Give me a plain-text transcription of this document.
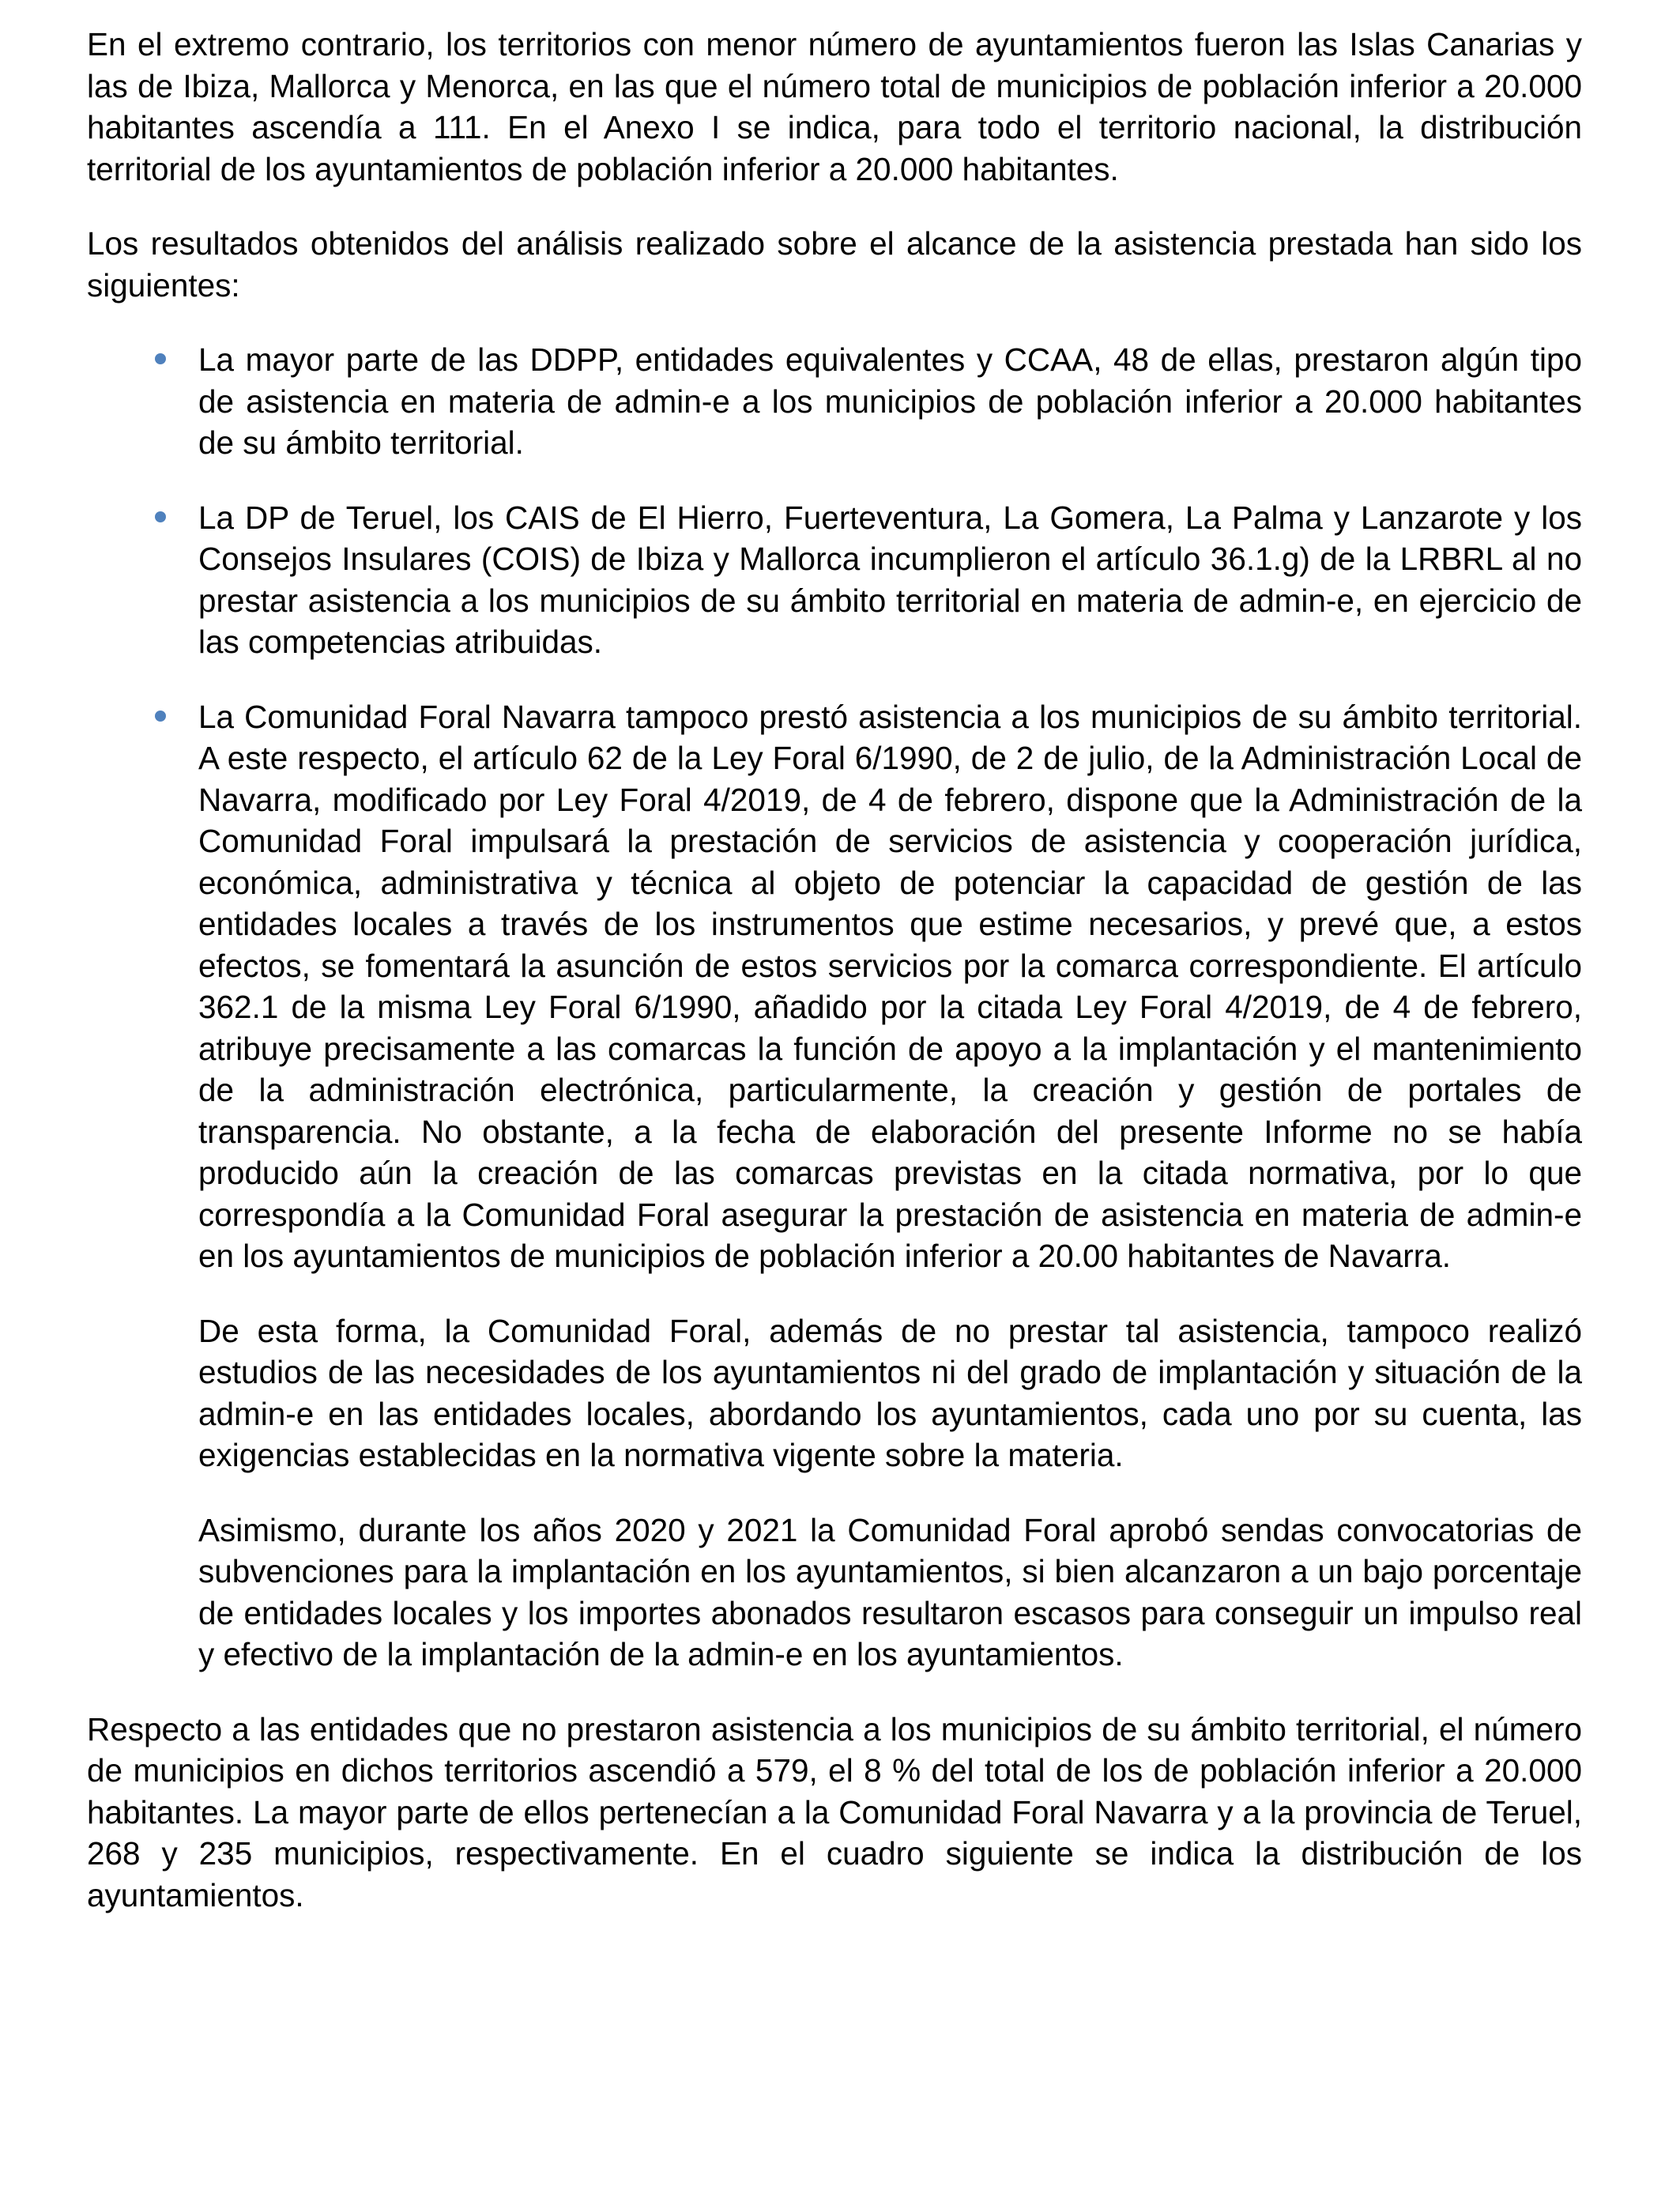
En el extremo contrario, los territorios con menor número de ayuntamientos fueron las Islas Canarias y las de Ibiza, Mallorca y Menorca, en las que el número total de municipios de población inferior a 20.000 habitantes ascendía a 111. En el Anexo I se indica, para todo el territorio nacional, la distribución territorial de los ayuntamientos de población inferior a 20.000 habitantes.

Los resultados obtenidos del análisis realizado sobre el alcance de la asistencia prestada han sido los siguientes:

La mayor parte de las DDPP, entidades equivalentes y CCAA, 48 de ellas, prestaron algún tipo de asistencia en materia de admin-e a los municipios de población inferior a 20.000 habitantes de su ámbito territorial.

La DP de Teruel, los CAIS de El Hierro, Fuerteventura, La Gomera, La Palma y Lanzarote y los Consejos Insulares (COIS) de Ibiza y Mallorca incumplieron el artículo 36.1.g) de la LRBRL al no prestar asistencia a los municipios de su ámbito territorial en materia de admin-e, en ejercicio de las competencias atribuidas.

La Comunidad Foral Navarra tampoco prestó asistencia a los municipios de su ámbito territorial. A este respecto, el artículo 62 de la Ley Foral 6/1990, de 2 de julio, de la Administración Local de Navarra, modificado por Ley Foral 4/2019, de 4 de febrero, dispone que la Administración de la Comunidad Foral impulsará la prestación de servicios de asistencia y cooperación jurídica, económica, administrativa y técnica al objeto de potenciar la capacidad de gestión de las entidades locales a través de los instrumentos que estime necesarios, y prevé que, a estos efectos, se fomentará la asunción de estos servicios por la comarca correspondiente. El artículo 362.1 de la misma Ley Foral 6/1990, añadido por la citada Ley Foral 4/2019, de 4 de febrero, atribuye precisamente a las comarcas la función de apoyo a la implantación y el mantenimiento de la administración electrónica, particularmente, la creación y gestión de portales de transparencia. No obstante, a la fecha de elaboración del presente Informe no se había producido aún la creación de las comarcas previstas en la citada normativa, por lo que correspondía a la Comunidad Foral asegurar la prestación de asistencia en materia de admin-e en los ayuntamientos de municipios de población inferior a 20.00 habitantes de Navarra.

De esta forma, la Comunidad Foral, además de no prestar tal asistencia, tampoco realizó estudios de las necesidades de los ayuntamientos ni del grado de implantación y situación de la admin-e en las entidades locales, abordando los ayuntamientos, cada uno por su cuenta, las exigencias establecidas en la normativa vigente sobre la materia.

Asimismo, durante los años 2020 y 2021 la Comunidad Foral aprobó sendas convocatorias de subvenciones para la implantación en los ayuntamientos, si bien alcanzaron a un bajo porcentaje de entidades locales y los importes abonados resultaron escasos para conseguir un impulso real y efectivo de la implantación de la admin-e en los ayuntamientos.

Respecto a las entidades que no prestaron asistencia a los municipios de su ámbito territorial, el número de municipios en dichos territorios ascendió a 579, el 8 % del total de los de población inferior a 20.000 habitantes. La mayor parte de ellos pertenecían a la Comunidad Foral Navarra y a la provincia de Teruel, 268 y 235 municipios, respectivamente. En el cuadro siguiente se indica la distribución de los ayuntamientos.
